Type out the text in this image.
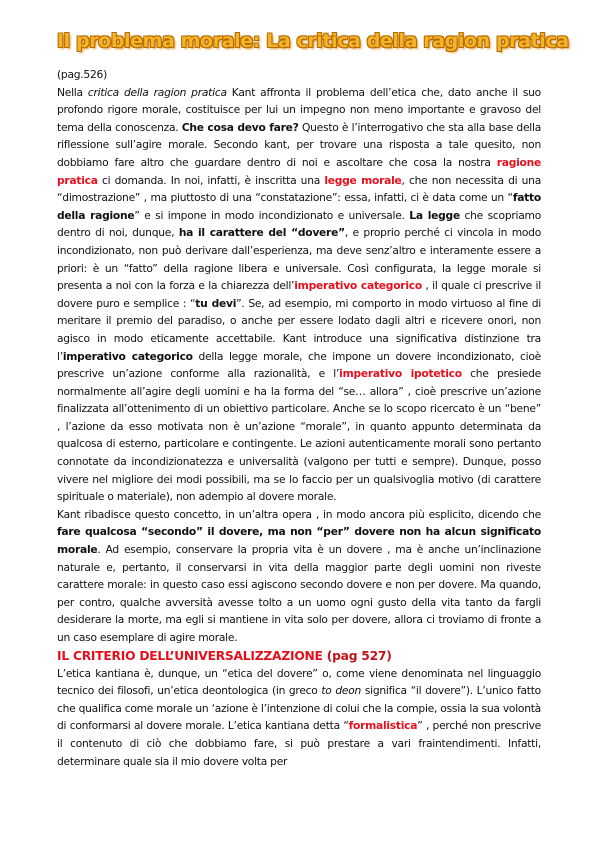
Il problema morale: La critica della ragion pratica

(pag.526)

Nella critica della ragion pratica Kant affronta il problema dell’etica che, dato anche il suo profondo rigore morale, costituisce per lui un impegno non meno importante e gravoso del tema della conoscenza. Che cosa devo fare? Questo è l’interrogativo che sta alla base della riflessione sull’agire morale. Secondo kant, per trovare una risposta a tale quesito, non dobbiamo fare altro che guardare dentro di noi e ascoltare che cosa la nostra ragione pratica ci domanda. In noi, infatti, è inscritta una legge morale, che non necessita di una “dimostrazione” , ma piuttosto di una “constatazione”: essa, infatti, ci è data come un “fatto della ragione” e si impone in modo incondizionato e universale. La legge che scopriamo dentro di noi, dunque, ha il carattere del “dovere”, e proprio perché ci vincola in modo incondizionato, non può derivare dall’esperienza, ma deve senz’altro e interamente essere a priori: è un “fatto” della ragione libera e universale. Così configurata, la legge morale si presenta a noi con la forza e la chiarezza dell’imperativo categorico , il quale ci prescrive il dovere puro e semplice : “tu devi”. Se, ad esempio, mi comporto in modo virtuoso al fine di meritare il premio del paradiso, o anche per essere lodato dagli altri e ricevere onori, non agisco in modo eticamente accettabile. Kant introduce una significativa distinzione tra l’imperativo categorico della legge morale, che impone un dovere incondizionato, cioè prescrive un’azione conforme alla razionalità, e l’imperativo ipotetico che presiede normalmente all’agire degli uomini e ha la forma del “se… allora” , cioè prescrive un’azione finalizzata all’ottenimento di un obiettivo particolare. Anche se lo scopo ricercato è un “bene” , l’azione da esso motivata non è un’azione “morale”, in quanto appunto determinata da qualcosa di esterno, particolare e contingente. Le azioni autenticamente morali sono pertanto connotate da incondizionatezza e universalità (valgono per tutti e sempre). Dunque, posso vivere nel migliore dei modi possibili, ma se lo faccio per un qualsivoglia motivo (di carattere spirituale o materiale), non adempio al dovere morale.

Kant ribadisce questo concetto, in un’altra opera , in modo ancora più esplicito, dicendo che fare qualcosa “secondo” il dovere, ma non “per” dovere non ha alcun significato morale. Ad esempio, conservare la propria vita è un dovere , ma è anche un’inclinazione naturale e, pertanto, il conservarsi in vita della maggior parte degli uomini non riveste carattere morale: in questo caso essi agiscono secondo dovere e non per dovere. Ma quando, per contro, qualche avversità avesse tolto a un uomo ogni gusto della vita tanto da fargli desiderare la morte, ma egli si mantiene in vita solo per dovere, allora ci troviamo di fronte a un caso esemplare di agire morale.

IL CRITERIO DELL’UNIVERSALIZZAZIONE (pag 527)

L’etica kantiana è, dunque, un “etica del dovere” o, come viene denominata nel linguaggio tecnico dei filosofi, un’etica deontologica (in greco to deon significa “il dovere”). L’unico fatto che qualifica come morale un ‘azione è l’intenzione di colui che la compie, ossia la sua volontà di conformarsi al dovere morale. L’etica kantiana detta “formalistica” , perché non prescrive il contenuto di ciò che dobbiamo fare, si può prestare a vari fraintendimenti. Infatti, determinare quale sia il mio dovere volta per
